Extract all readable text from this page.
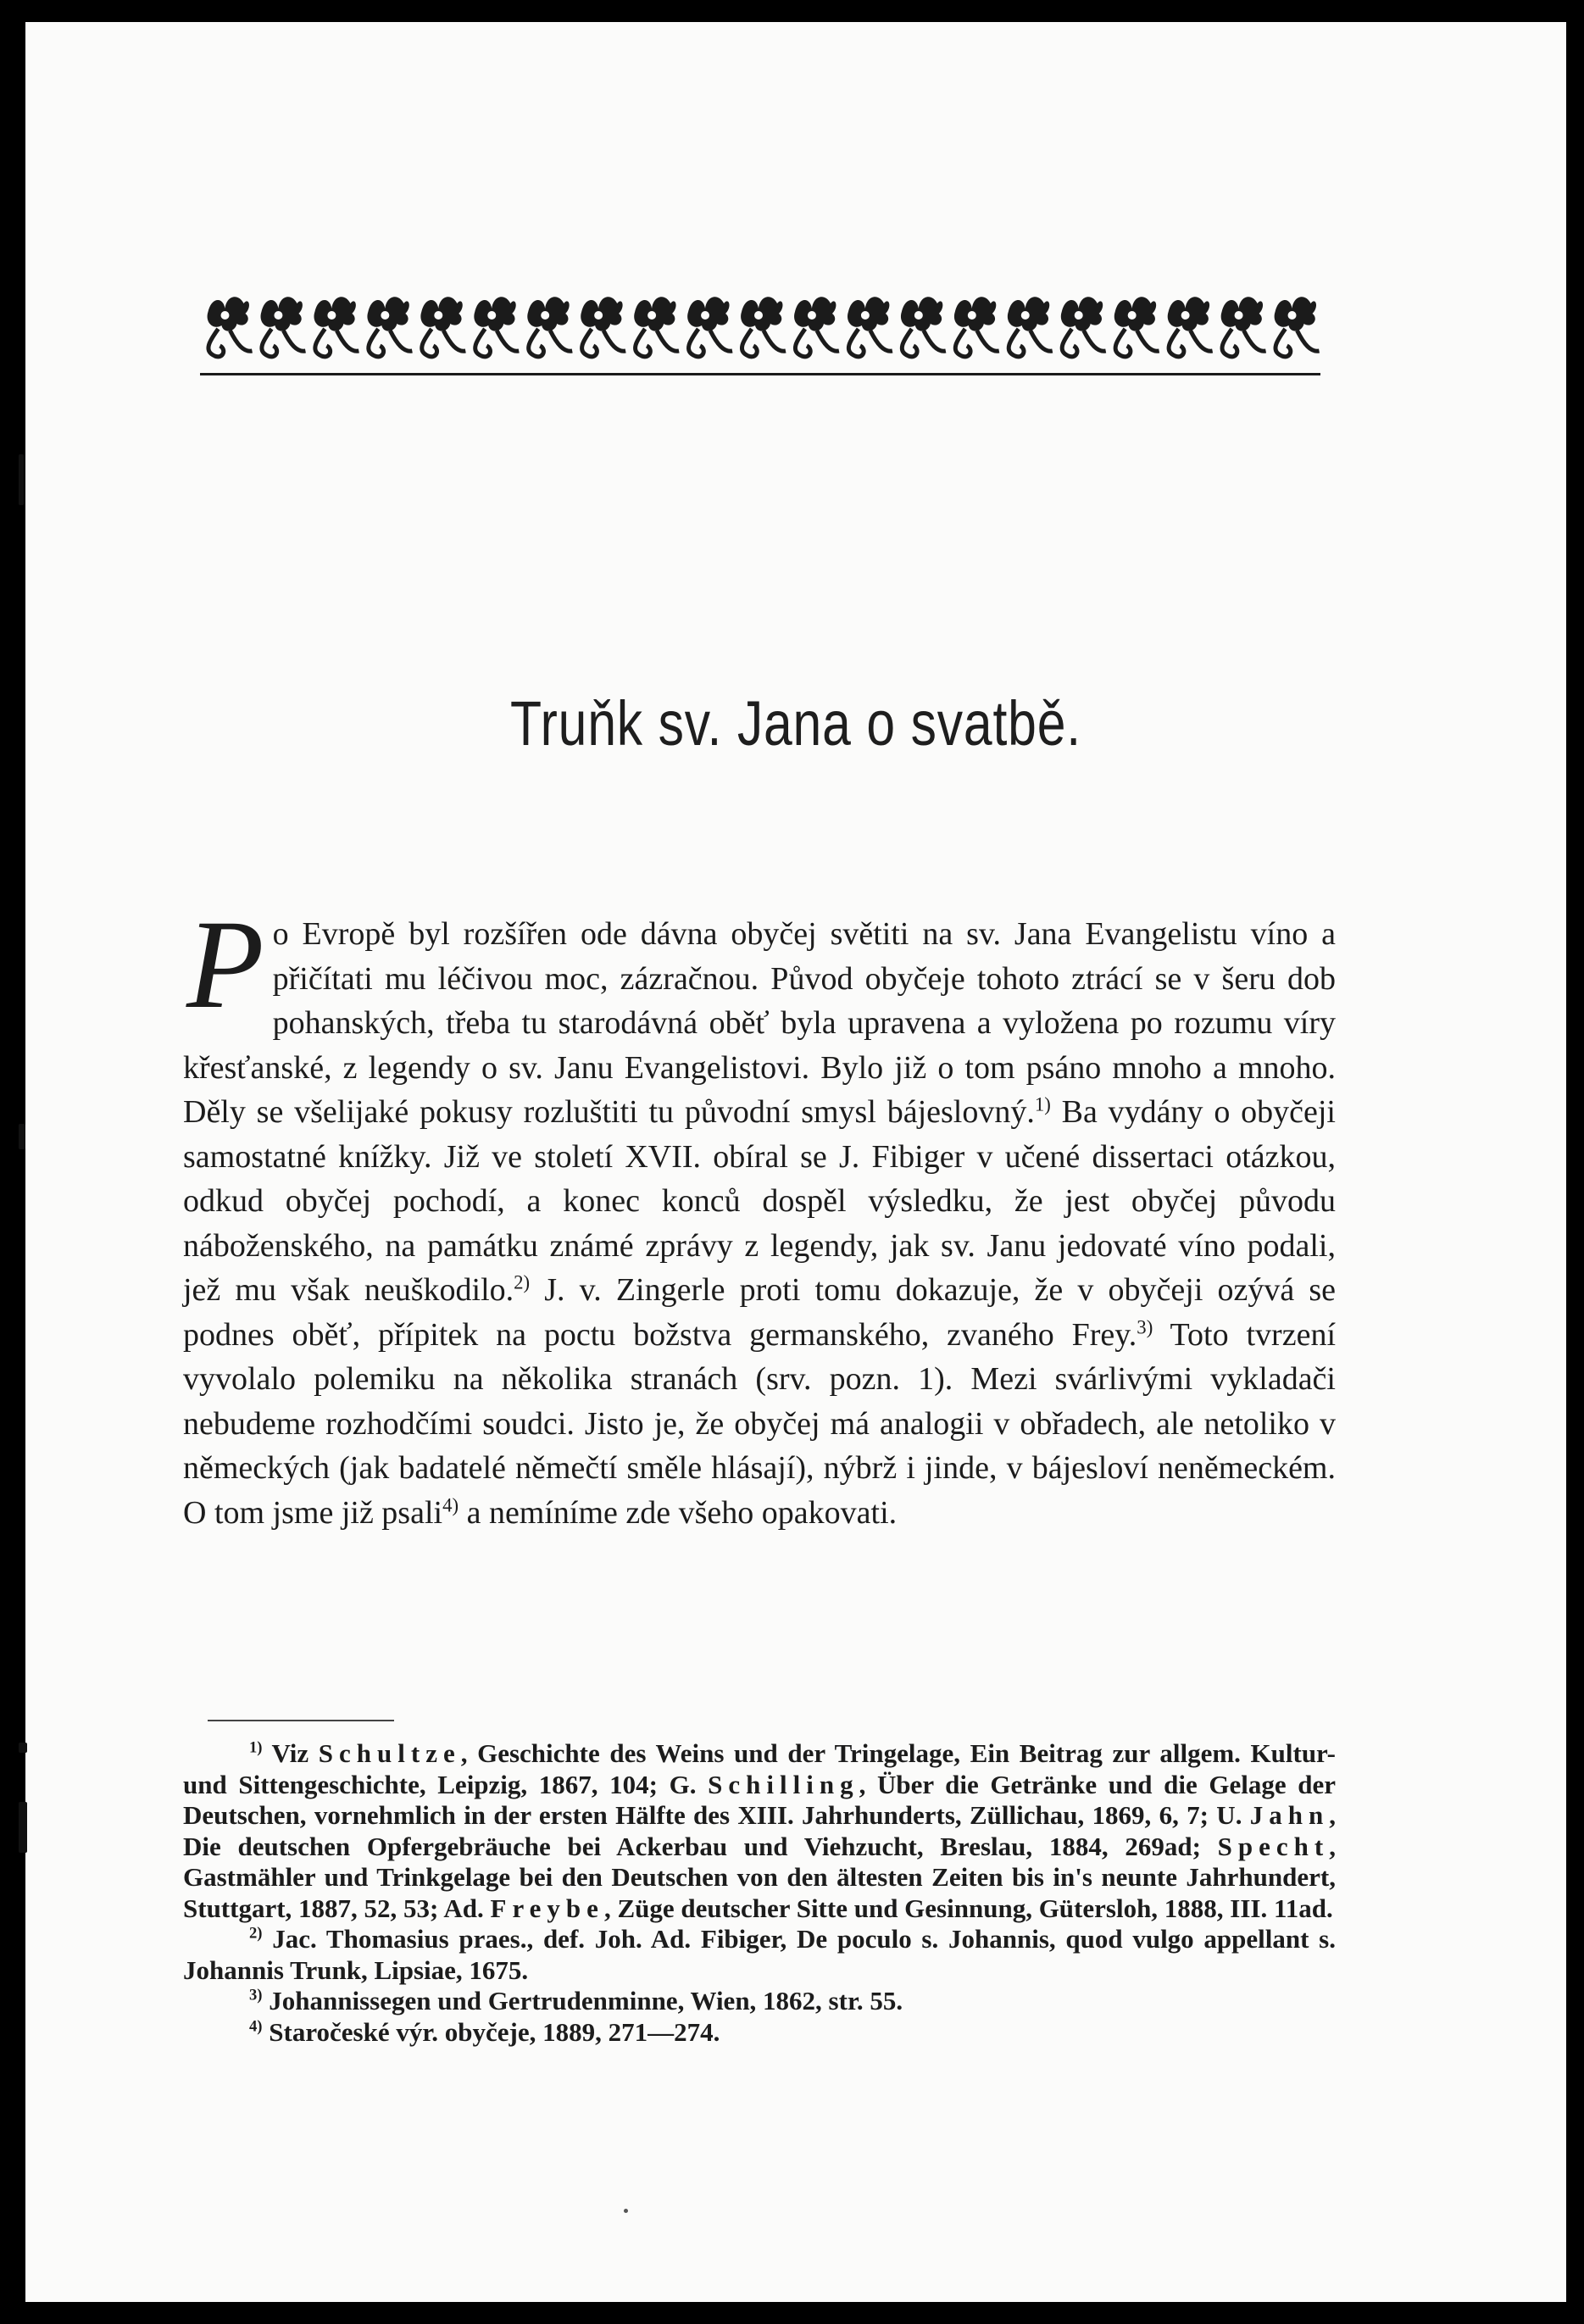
Truňk sv. Jana o svatbě.
Po Evropě byl rozšířen ode dávna obyčej světiti na sv. Jana Evangelistu víno a přičítati mu léčivou moc, zázračnou. Původ obyčeje tohoto ztrácí se v šeru dob pohanských, třeba tu starodávná oběť byla upravena a vyložena po rozumu víry křesťanské, z legendy o sv. Janu Evangelistovi. Bylo již o tom psáno mnoho a mnoho. Děly se všelijaké pokusy rozluštiti tu původní smysl bájeslovný.$^{1)}$ Ba vydány o obyčeji samostatné knížky. Již ve století XVII. obíral se J. Fibiger v učené dissertaci otázkou, odkud obyčej pochodí, a konec konců dospěl výsledku, že jest obyčej původu náboženského, na památku známé zprávy z legendy, jak sv. Janu jedovaté víno podali, jež mu však neuškodilo.$^{2)}$ J. v. Zingerle proti tomu dokazuje, že v obyčeji ozývá se podnes oběť, přípitek na poctu božstva germanského, zvaného Frey.$^{3)}$ Toto tvrzení vyvolalo polemiku na několika stranách (srv. pozn. 1). Mezi svárlivými vykladači nebudeme rozhodčími soudci. Jisto je, že obyčej má analogii v obřadech, ale netoliko v německých (jak badatelé němečtí směle hlásají), nýbrž i jinde, v bájesloví neněmeckém. O tom jsme již psali$^{4)}$ a nemíníme zde všeho opakovati.

$^{1)}$ Viz Schultze, Geschichte des Weins und der Tringelage, Ein Beitrag zur allgem. Kultur- und Sittengeschichte, Leipzig, 1867, 104; G. Schilling, Über die Getränke und die Gelage der Deutschen, vornehmlich in der ersten Hälfte des XIII. Jahrhunderts, Züllichau, 1869, 6, 7; U. Jahn, Die deutschen Opfergebräuche bei Ackerbau und Viehzucht, Breslau, 1884, 269ad; Specht, Gastmähler und Trinkgelage bei den Deutschen von den ältesten Zeiten bis in's neunte Jahrhundert, Stuttgart, 1887, 52, 53; Ad. Freybe, Züge deutscher Sitte und Gesinnung, Gütersloh, 1888, III. 11ad.

$^{2)}$ Jac. Thomasius praes., def. Joh. Ad. Fibiger, De poculo s. Johannis, quod vulgo appellant s. Johannis Trunk, Lipsiae, 1675.

$^{3)}$ Johannissegen und Gertrudenminne, Wien, 1862, str. 55.

$^{4)}$ Staročeské výr. obyčeje, 1889, 271—274.
